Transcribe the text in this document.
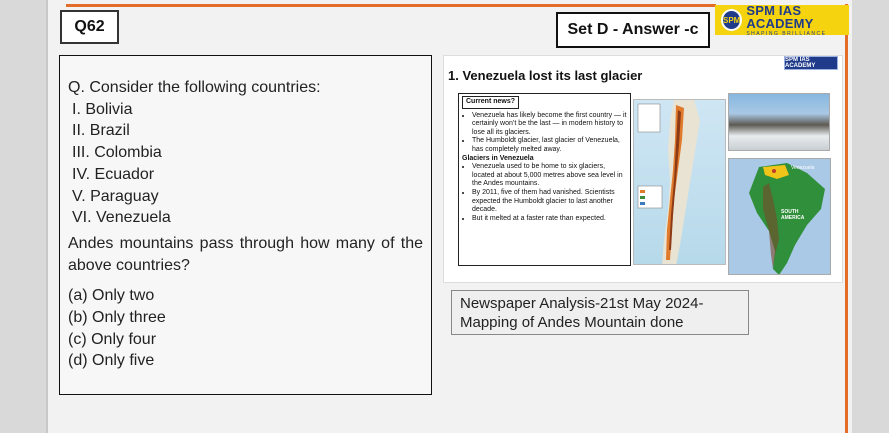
Q62	Set D - Answer -c
SPM
SPM IAS ACADEMY
SHAPING BRILLIANCE
Q. Consider the following countries:
I. Bolivia
II. Brazil
III. Colombia
IV. Ecuador
V. Paraguay
VI. Venezuela
Andes mountains pass through how many of the above countries?
(a) Only two
(b) Only three
(c) Only four
(d) Only five
SPM IAS ACADEMY
1. Venezuela lost its last glacier
Current news?
• Venezuela has likely become the first country — it certainly won’t be the last — in modern history to lose all its glaciers.
• The Humboldt glacier, last glacier of Venezuela, has completely melted away.
Glaciers in Venezuela
• Venezuela used to be home to six glaciers, located at about 5,000 metres above sea level in the Andes mountains.
• By 2011, five of them had vanished. Scientists expected the Humboldt glacier to last another decade.
• But it melted at a faster rate than expected.
Venezuela
SOUTH AMERICA
Newspaper Analysis-21st May 2024-
Mapping of Andes Mountain done
